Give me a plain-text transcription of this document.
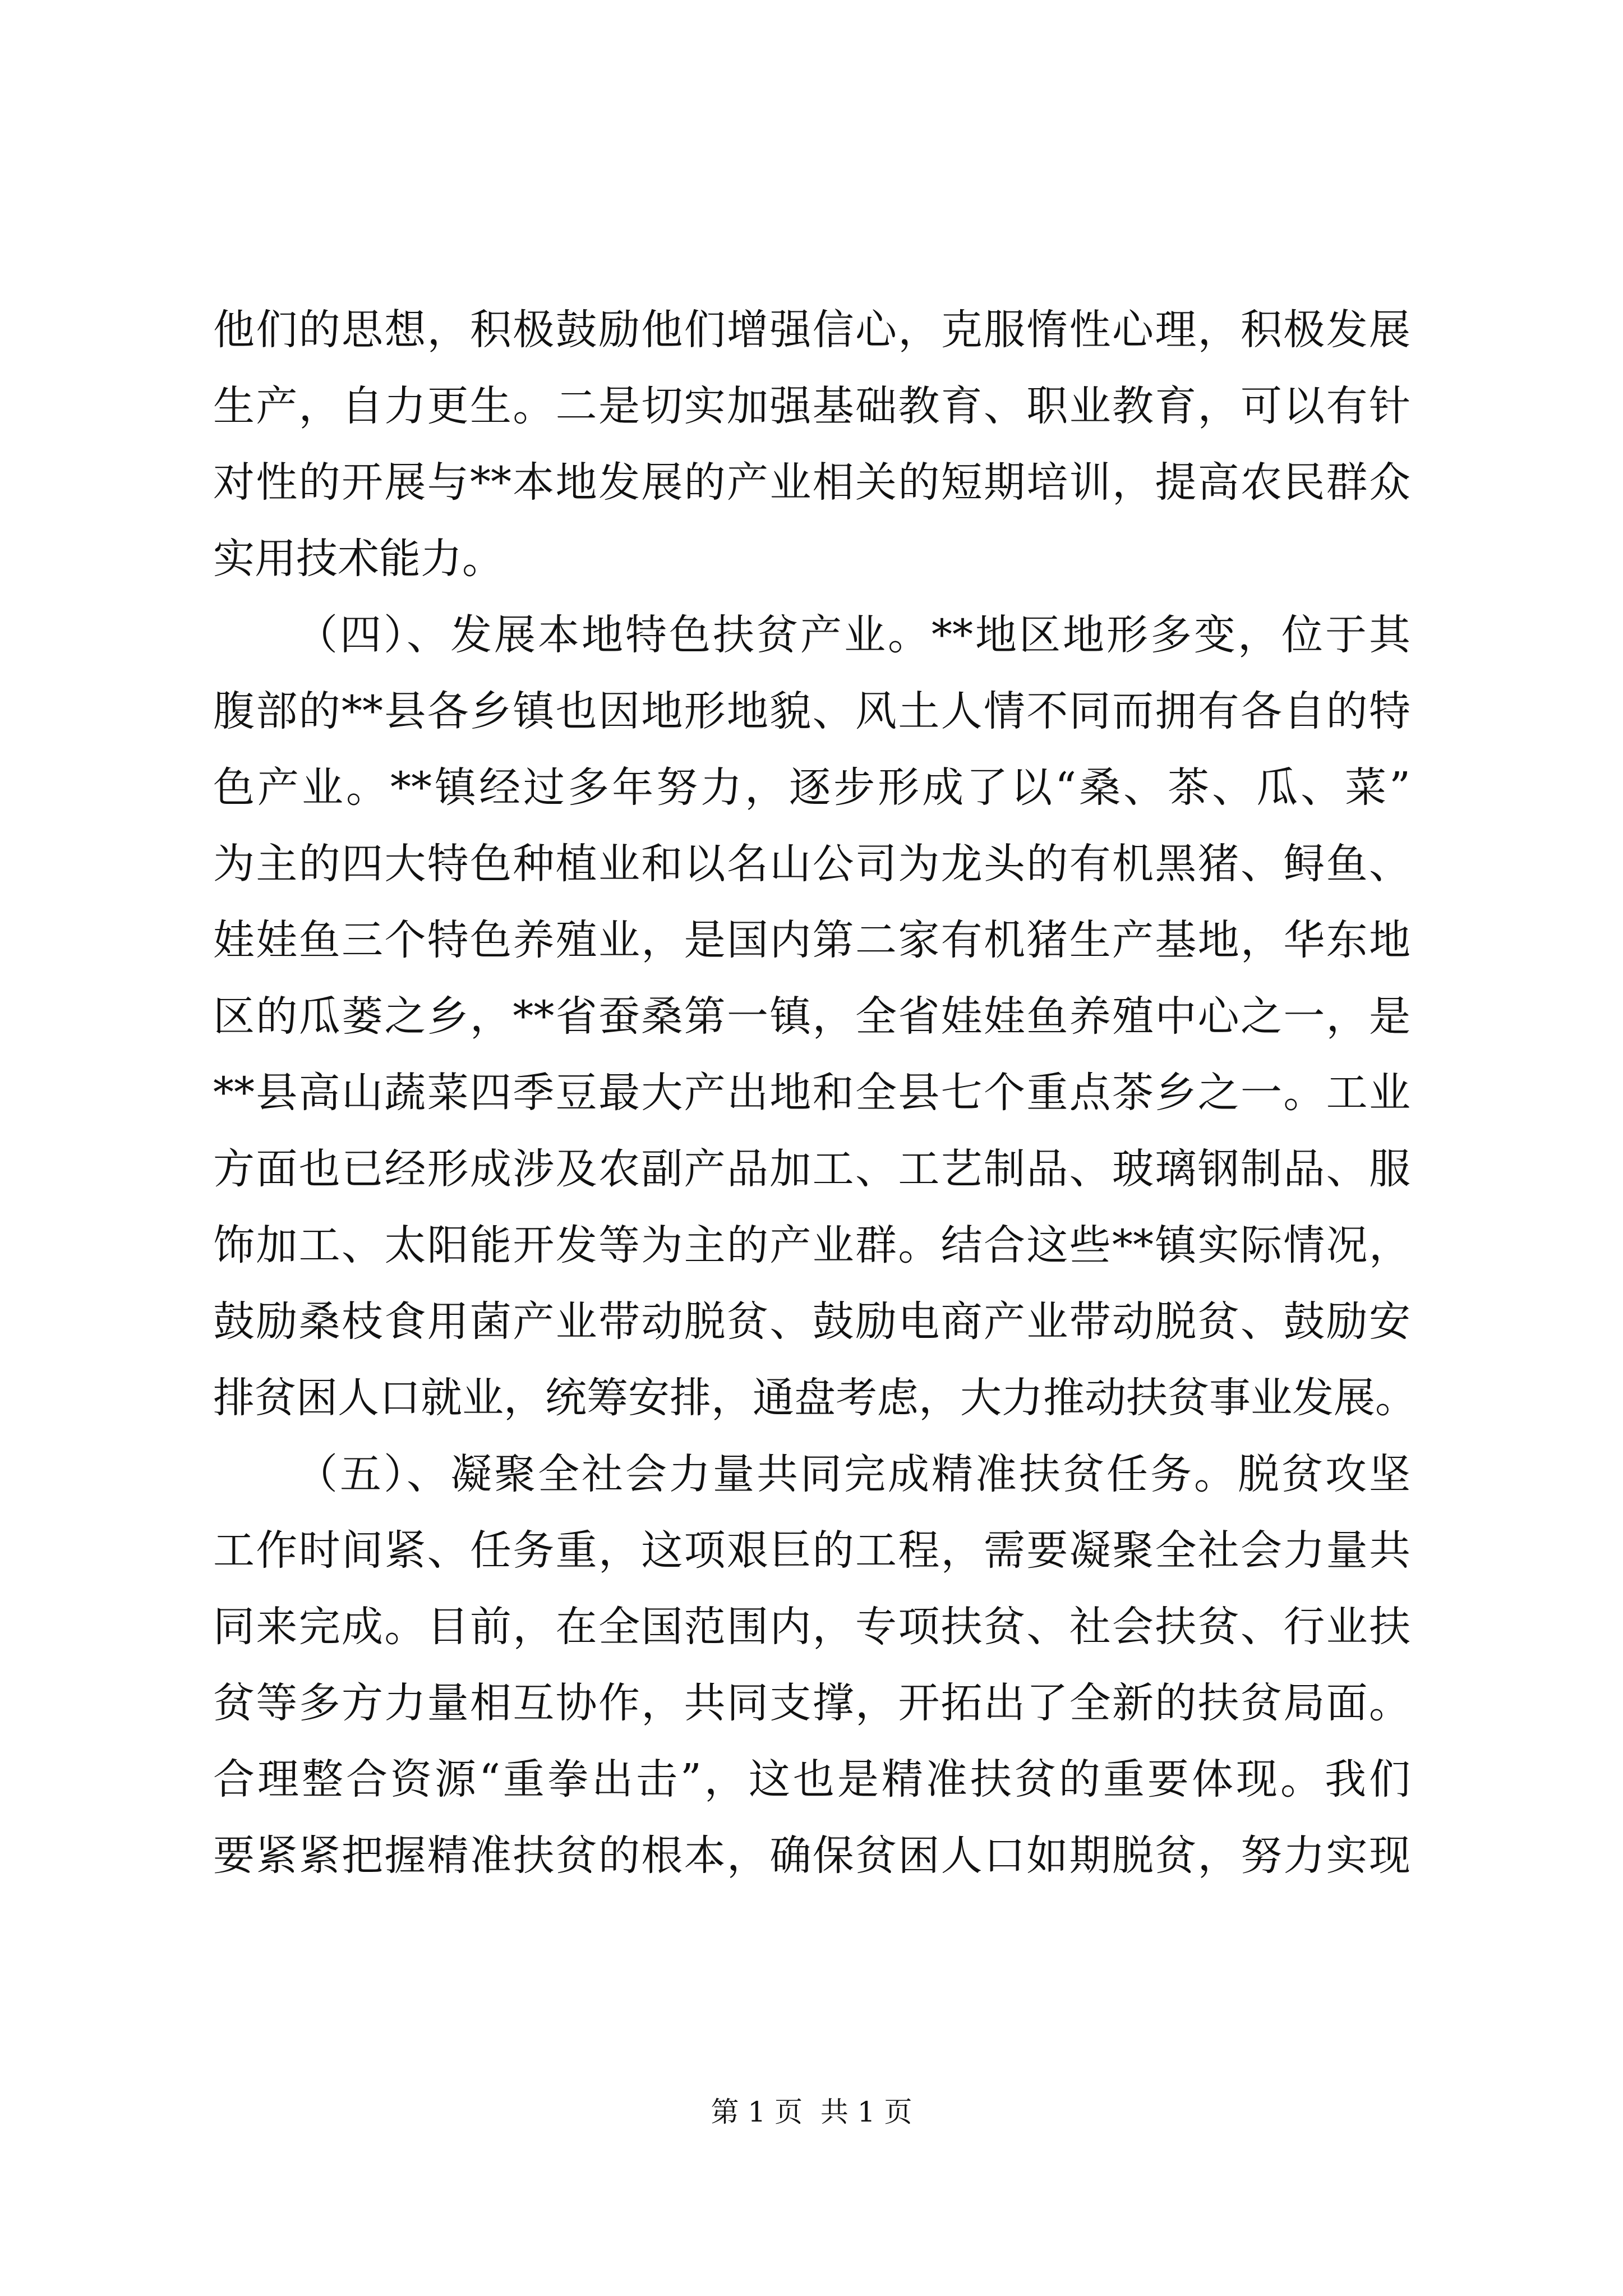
他们的思想，积极鼓励他们增强信心，克服惰性心理，积极发展
生产，自力更生。二是切实加强基础教育、职业教育，可以有针
对性的开展与**本地发展的产业相关的短期培训，提高农民群众
实用技术能力。
（四）、发展本地特色扶贫产业。**地区地形多变，位于其
腹部的**县各乡镇也因地形地貌、风土人情不同而拥有各自的特
色产业。**镇经过多年努力，逐步形成了以“桑、茶、瓜、菜”
为主的四大特色种植业和以名山公司为龙头的有机黑猪、鲟鱼、
娃娃鱼三个特色养殖业，是国内第二家有机猪生产基地，华东地
区的瓜蒌之乡，**省蚕桑第一镇，全省娃娃鱼养殖中心之一，是
**县高山蔬菜四季豆最大产出地和全县七个重点茶乡之一。工业
方面也已经形成涉及农副产品加工、工艺制品、玻璃钢制品、服
饰加工、太阳能开发等为主的产业群。结合这些**镇实际情况，
鼓励桑枝食用菌产业带动脱贫、鼓励电商产业带动脱贫、鼓励安
排贫困人口就业，统筹安排，通盘考虑，大力推动扶贫事业发展。
（五）、凝聚全社会力量共同完成精准扶贫任务。脱贫攻坚
工作时间紧、任务重，这项艰巨的工程，需要凝聚全社会力量共
同来完成。目前，在全国范围内，专项扶贫、社会扶贫、行业扶
贫等多方力量相互协作，共同支撑，开拓出了全新的扶贫局面。
合理整合资源“重拳出击”，这也是精准扶贫的重要体现。我们
要紧紧把握精准扶贫的根本，确保贫困人口如期脱贫，努力实现
第 1 页  共 1 页
